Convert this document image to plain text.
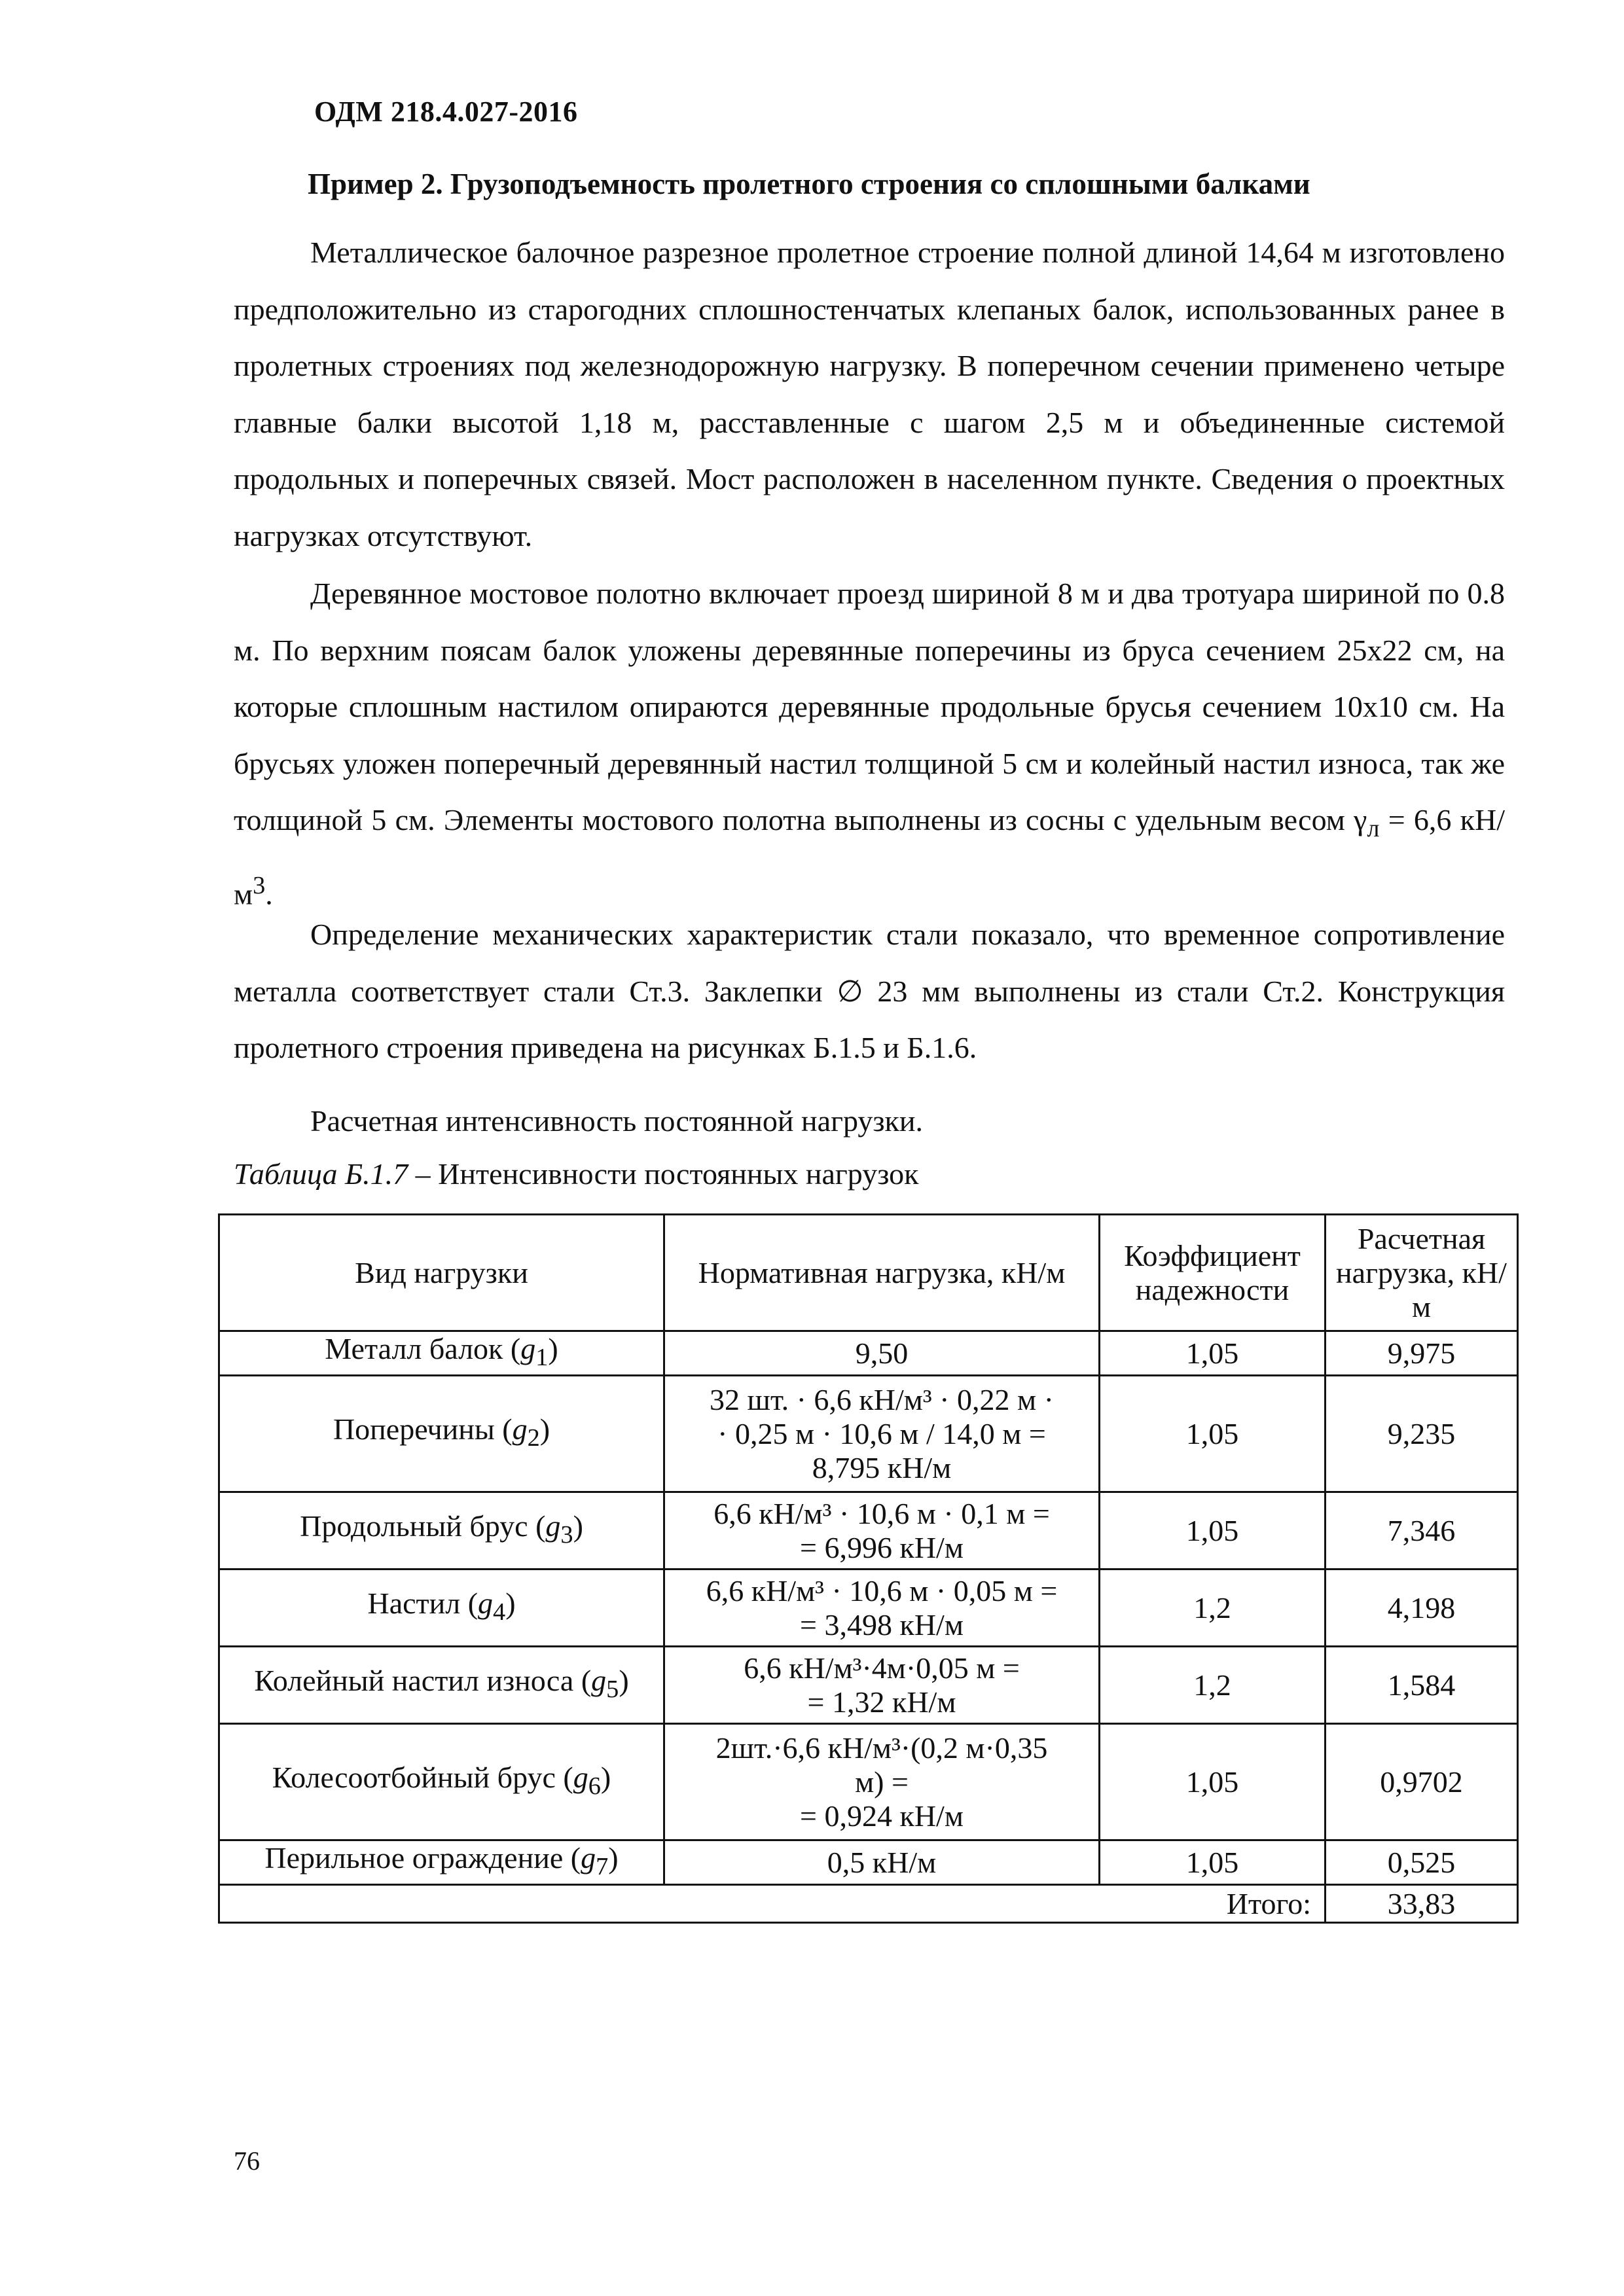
ОДМ 218.4.027-2016
Пример 2. Грузоподъемность пролетного строения со сплошными балками
Металлическое балочное разрезное пролетное строение полной длиной 14,64 м изготовлено предположительно из старогодних сплошностенчатых клепаных балок, использованных ранее в пролетных строениях под железнодорожную нагрузку. В поперечном сечении применено четыре главные балки высотой 1,18 м, расставленные с шагом 2,5 м и объединенные системой продольных и поперечных связей. Мост расположен в населенном пункте. Сведения о проектных нагрузках отсутствуют.
Деревянное мостовое полотно включает проезд шириной 8 м и два тротуара шириной по 0.8 м. По верхним поясам балок уложены деревянные поперечины из бруса сечением 25x22 см, на которые сплошным настилом опираются деревянные продольные брусья сечением 10x10 см. На брусьях уложен поперечный деревянный настил толщиной 5 см и колейный настил износа, так же толщиной 5 см. Элементы мостового полотна выполнены из сосны с удельным весом $\gamma_л = 6,6$ $кН/м^3$.
Определение механических характеристик стали показало, что временное сопротивление металла соответствует стали Ст.3. Заклепки ∅ 23 мм выполнены из стали Ст.2. Конструкция пролетного строения приведена на рисунках Б.1.5 и Б.1.6.
Расчетная интенсивность постоянной нагрузки.
Таблица Б.1.7 – Интенсивности постоянных нагрузок
Вид нагрузки	Нормативная нагрузка, кН/м	Коэффициент надежности	Расчетная нагрузка, кН/м
Металл балок $(g_1)$	9,50	1,05	9,975
Поперечины $(g_2)$	32 шт. · 6,6 кН/м³ · 0,22 м ·
· 0,25 м · 10,6 м / 14,0 м =
8,795 кН/м	1,05	9,235
Продольный брус $(g_3)$	6,6 кН/м³ · 10,6 м · 0,1 м =
= 6,996 кН/м	1,05	7,346
Настил $(g_4)$	6,6 кН/м³ · 10,6 м · 0,05 м =
= 3,498 кН/м	1,2	4,198
Колейный настил износа $(g_5)$	6,6 кН/м³·4м·0,05 м =
= 1,32 кН/м	1,2	1,584
Колесоотбойный брус $(g_6)$	2шт.·6,6 кН/м³·(0,2 м·0,35
м) =
= 0,924 кН/м	1,05	0,9702
Перильное ограждение $(g_7)$	0,5 кН/м	1,05	0,525
		Итого:	33,83
76
